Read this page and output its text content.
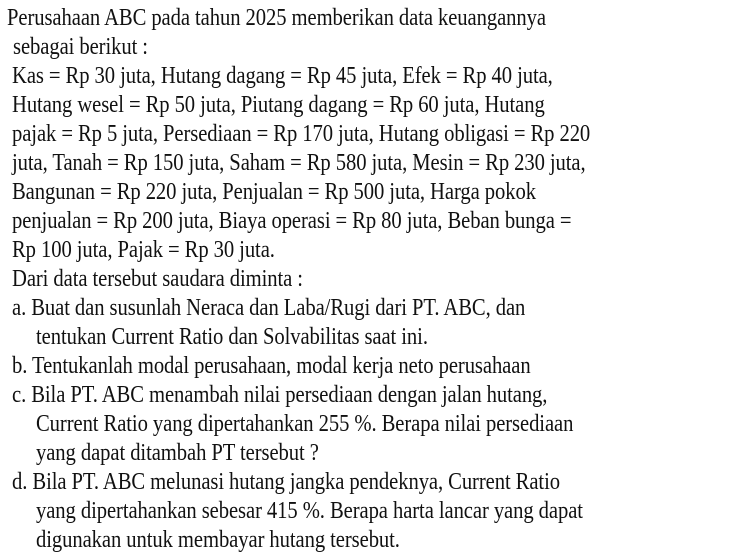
Perusahaan ABC pada tahun 2025 memberikan data keuangannya
sebagai berikut :
Kas = Rp 30 juta, Hutang dagang = Rp 45 juta, Efek = Rp 40 juta,
Hutang wesel = Rp 50 juta, Piutang dagang = Rp 60 juta, Hutang
pajak = Rp 5 juta, Persediaan = Rp 170 juta, Hutang obligasi = Rp 220
juta, Tanah = Rp 150 juta, Saham = Rp 580 juta, Mesin = Rp 230 juta,
Bangunan = Rp 220 juta, Penjualan = Rp 500 juta, Harga pokok
penjualan = Rp 200 juta, Biaya operasi = Rp 80 juta, Beban bunga =
Rp 100 juta, Pajak = Rp 30 juta.
Dari data tersebut saudara diminta :
a. Buat dan susunlah Neraca dan Laba/Rugi dari PT. ABC, dan
tentukan Current Ratio dan Solvabilitas saat ini.
b. Tentukanlah modal perusahaan, modal kerja neto perusahaan
c. Bila PT. ABC menambah nilai persediaan dengan jalan hutang,
Current Ratio yang dipertahankan 255 %. Berapa nilai persediaan
yang dapat ditambah PT tersebut ?
d. Bila PT. ABC melunasi hutang jangka pendeknya, Current Ratio
yang dipertahankan sebesar 415 %. Berapa harta lancar yang dapat
digunakan untuk membayar hutang tersebut.
